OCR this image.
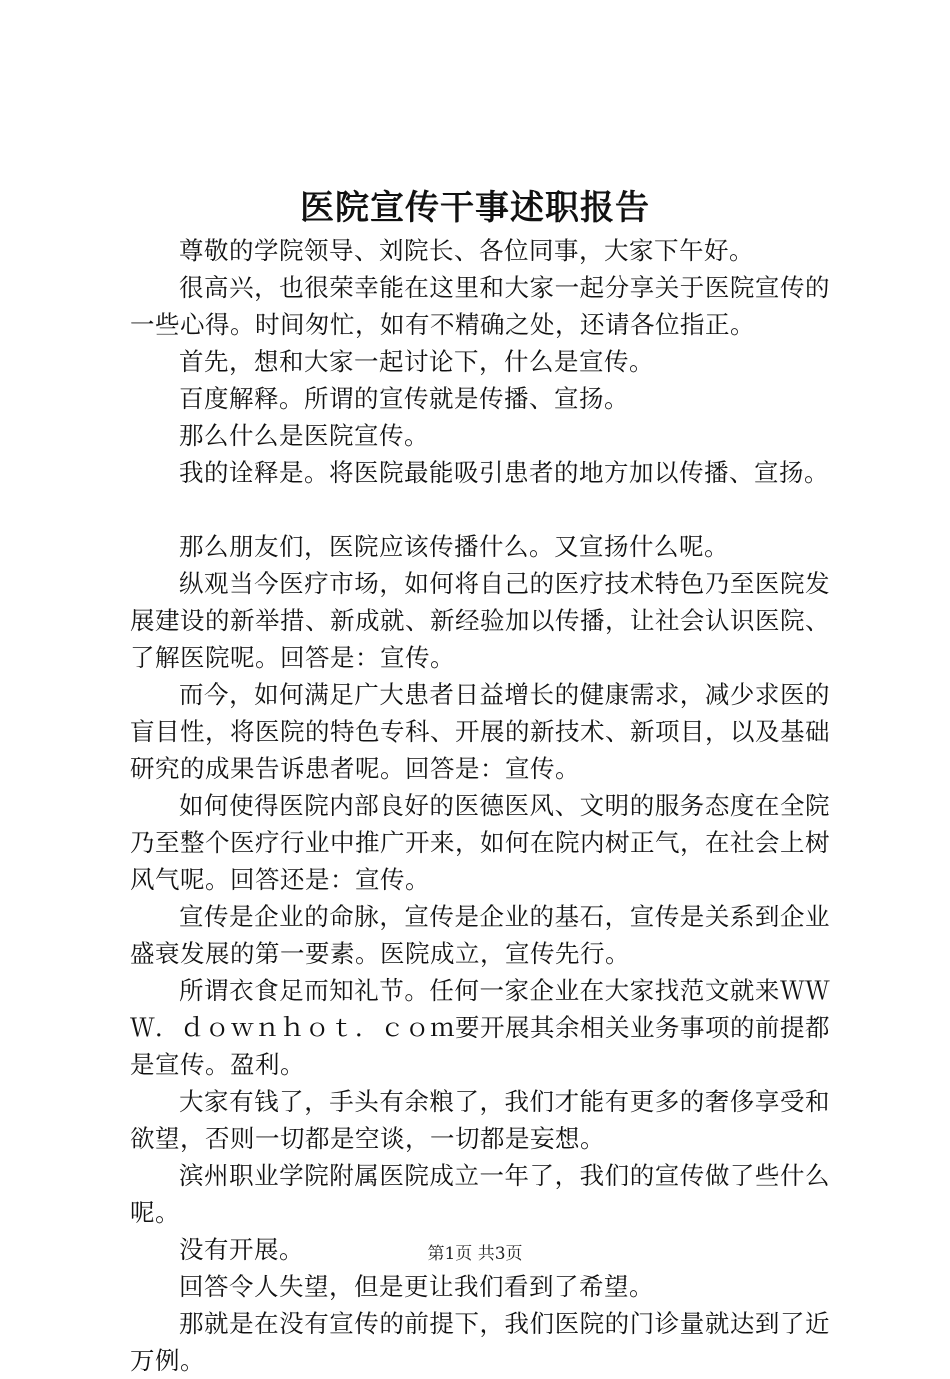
医院宣传干事述职报告

尊敬的学院领导、刘院长、各位同事，大家下午好。

很高兴，也很荣幸能在这里和大家一起分享关于医院宣传的一些心得。时间匆忙，如有不精确之处，还请各位指正。

首先，想和大家一起讨论下，什么是宣传。

百度解释。所谓的宣传就是传播、宣扬。

那么什么是医院宣传。

我的诠释是。将医院最能吸引患者的地方加以传播、宣扬。

那么朋友们，医院应该传播什么。又宣扬什么呢。

纵观当今医疗市场，如何将自己的医疗技术特色乃至医院发展建设的新举措、新成就、新经验加以传播，让社会认识医院、了解医院呢。回答是：宣传。

而今，如何满足广大患者日益增长的健康需求，减少求医的盲目性，将医院的特色专科、开展的新技术、新项目，以及基础研究的成果告诉患者呢。回答是：宣传。

如何使得医院内部良好的医德医风、文明的服务态度在全院乃至整个医疗行业中推广开来，如何在院内树正气，在社会上树风气呢。回答还是：宣传。

宣传是企业的命脉，宣传是企业的基石，宣传是关系到企业盛衰发展的第一要素。医院成立，宣传先行。

所谓衣食足而知礼节。任何一家企业在大家找范文就来ＷＷＷ．ｄｏｗｎｈｏｔ．ｃｏｍ要开展其余相关业务事项的前提都是宣传。盈利。

大家有钱了，手头有余粮了，我们才能有更多的奢侈享受和欲望，否则一切都是空谈，一切都是妄想。

滨州职业学院附属医院成立一年了，我们的宣传做了些什么呢。

没有开展。

回答令人失望，但是更让我们看到了希望。

那就是在没有宣传的前提下，我们医院的门诊量就达到了近万例。

第1页 共3页
